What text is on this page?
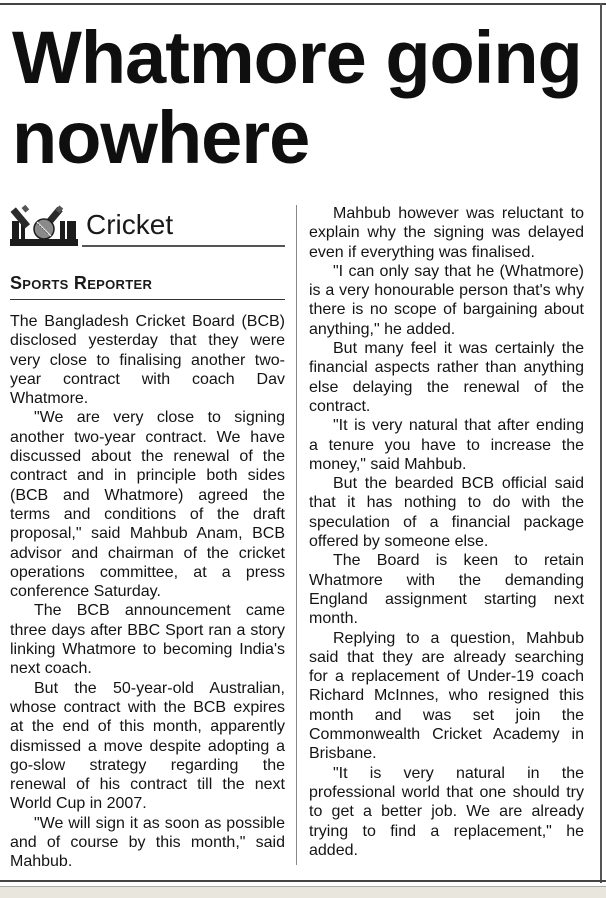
Whatmore going nowhere
Cricket
Sports Reporter

The Bangladesh Cricket Board (BCB) disclosed yesterday that they were very close to finalising another two-year contract with coach Dav Whatmore.

"We are very close to signing another two-year contract. We have discussed about the renewal of the contract and in principle both sides (BCB and Whatmore) agreed the terms and conditions of the draft proposal," said Mahbub Anam, BCB advisor and chairman of the cricket operations committee, at a press conference Saturday.

The BCB announcement came three days after BBC Sport ran a story linking Whatmore to becoming India's next coach.

But the 50-year-old Australian, whose contract with the BCB expires at the end of this month, apparently dismissed a move despite adopting a go-slow strategy regarding the renewal of his contract till the next World Cup in 2007.

"We will sign it as soon as possible and of course by this month," said Mahbub.

Mahbub however was reluctant to explain why the signing was delayed even if everything was finalised.

"I can only say that he (Whatmore) is a very honourable person that's why there is no scope of bargaining about anything," he added.

But many feel it was certainly the financial aspects rather than anything else delaying the renewal of the contract.

"It is very natural that after ending a tenure you have to increase the money," said Mahbub.

But the bearded BCB official said that it has nothing to do with the speculation of a financial package offered by someone else.

The Board is keen to retain Whatmore with the demanding England assignment starting next month.

Replying to a question, Mahbub said that they are already searching for a replacement of Under-19 coach Richard McInnes, who resigned this month and was set join the Commonwealth Cricket Academy in Brisbane.

"It is very natural in the professional world that one should try to get a better job. We are already trying to find a replacement," he added.
